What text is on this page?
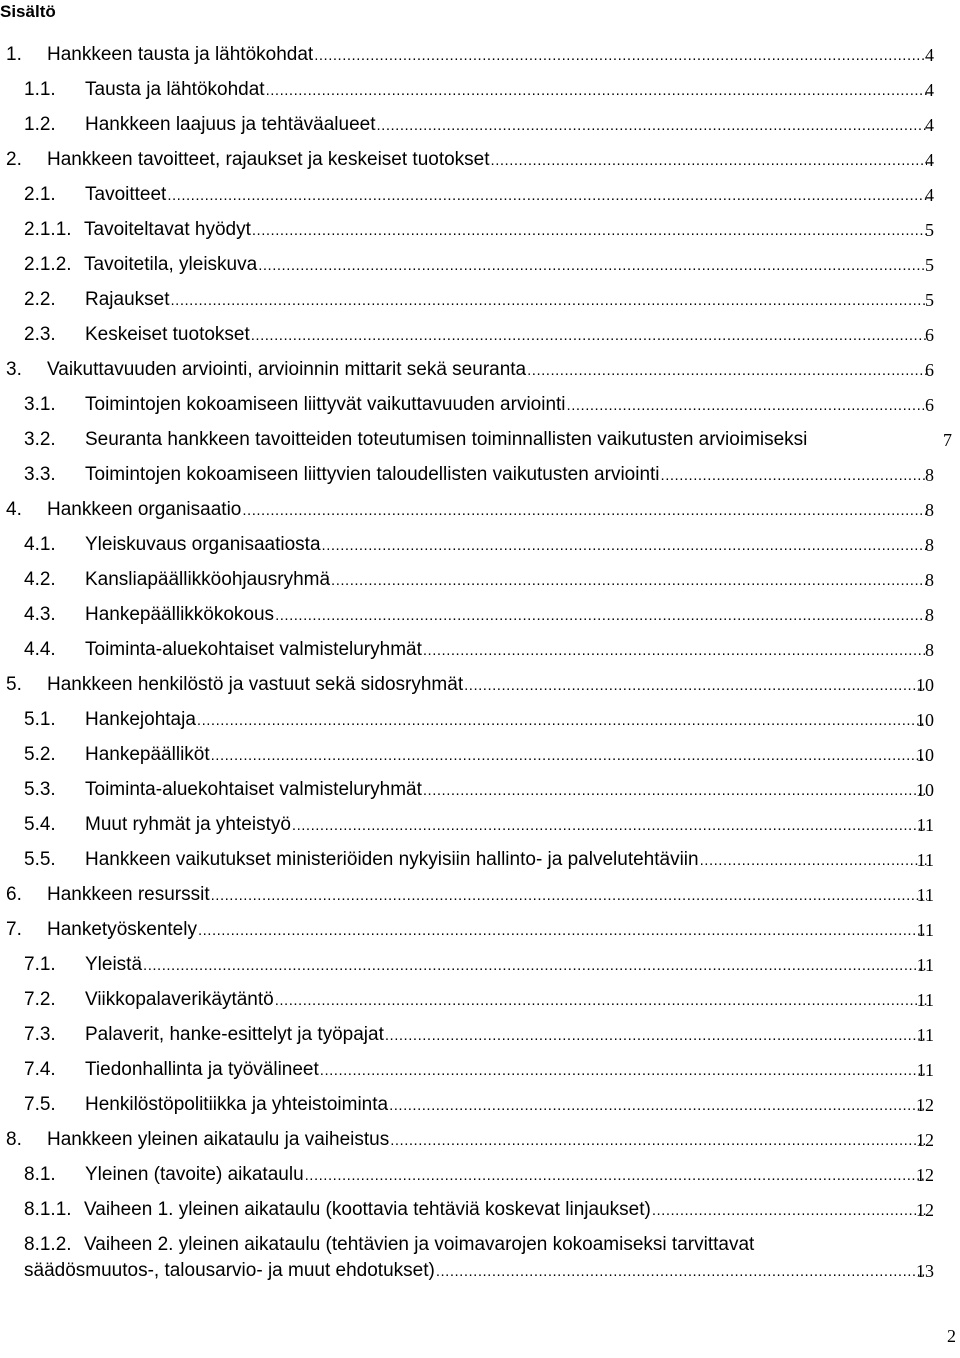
Sisältö
1. Hankkeen tausta ja lähtökohdat .....	4
1.1. Tausta ja lähtökohdat .....	4
1.2. Hankkeen laajuus ja tehtäväalueet .....	4
2. Hankkeen tavoitteet, rajaukset ja keskeiset tuotokset .....	4
2.1. Tavoitteet .....	4
2.1.1. Tavoiteltavat hyödyt .....	5
2.1.2. Tavoitetila, yleiskuva .....	5
2.2. Rajaukset .....	5
2.3. Keskeiset tuotokset .....	6
3. Vaikuttavuuden arviointi, arvioinnin mittarit sekä seuranta .....	6
3.1. Toimintojen kokoamiseen liittyvät vaikuttavuuden arviointi .....	6
3.2. Seuranta hankkeen tavoitteiden toteutumisen toiminnallisten vaikutusten arvioimiseksi	7
3.3. Toimintojen kokoamiseen liittyvien taloudellisten vaikutusten arviointi .....	8
4. Hankkeen organisaatio .....	8
4.1. Yleiskuvaus organisaatiosta .....	8
4.2. Kansliapäällikköohjausryhmä .....	8
4.3. Hankepäällikkökokous .....	8
4.4. Toiminta-aluekohtaiset valmisteluryhmät .....	8
5. Hankkeen henkilöstö ja vastuut sekä sidosryhmät .....	10
5.1. Hankejohtaja .....	10
5.2. Hankepäälliköt .....	10
5.3. Toiminta-aluekohtaiset valmisteluryhmät .....	10
5.4. Muut ryhmät ja yhteistyö .....	11
5.5. Hankkeen vaikutukset ministeriöiden nykyisiin hallinto- ja palvelutehtäviin .....	11
6. Hankkeen resurssit .....	11
7. Hanketyöskentely .....	11
7.1. Yleistä .....	11
7.2. Viikkopalaverikäytäntö .....	11
7.3. Palaverit, hanke-esittelyt ja työpajat .....	11
7.4. Tiedonhallinta ja työvälineet .....	11
7.5. Henkilöstöpolitiikka ja yhteistoiminta .....	12
8. Hankkeen yleinen aikataulu ja vaiheistus .....	12
8.1. Yleinen (tavoite) aikataulu .....	12
8.1.1. Vaiheen 1. yleinen aikataulu (koottavia tehtäviä koskevat linjaukset) .....	12
8.1.2. Vaiheen 2. yleinen aikataulu (tehtävien ja voimavarojen kokoamiseksi tarvittavat
säädösmuutos-, talousarvio- ja muut ehdotukset) .....	13
2
